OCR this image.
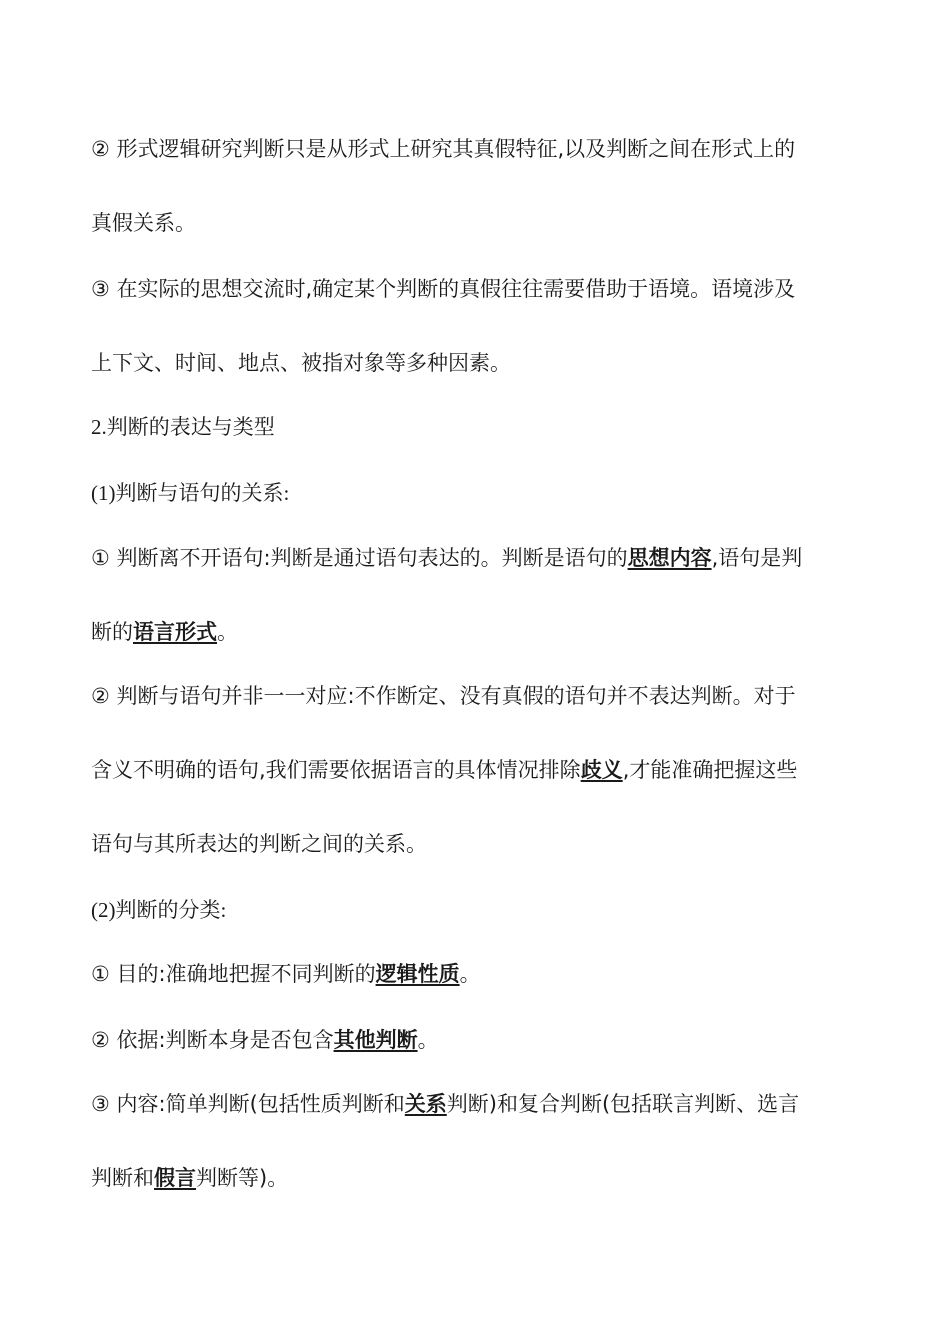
② 形式逻辑研究判断只是从形式上研究其真假特征,以及判断之间在形式上的
真假关系。
③ 在实际的思想交流时,确定某个判断的真假往往需要借助于语境。语境涉及
上下文、时间、地点、被指对象等多种因素。
2.判断的表达与类型
(1)判断与语句的关系:
① 判断离不开语句:判断是通过语句表达的。判断是语句的思想内容,语句是判
断的语言形式。
② 判断与语句并非一一对应:不作断定、没有真假的语句并不表达判断。对于
含义不明确的语句,我们需要依据语言的具体情况排除歧义,才能准确把握这些
语句与其所表达的判断之间的关系。
(2)判断的分类:
① 目的:准确地把握不同判断的逻辑性质。
② 依据:判断本身是否包含其他判断。
③ 内容:简单判断(包括性质判断和关系判断)和复合判断(包括联言判断、选言
判断和假言判断等)。
